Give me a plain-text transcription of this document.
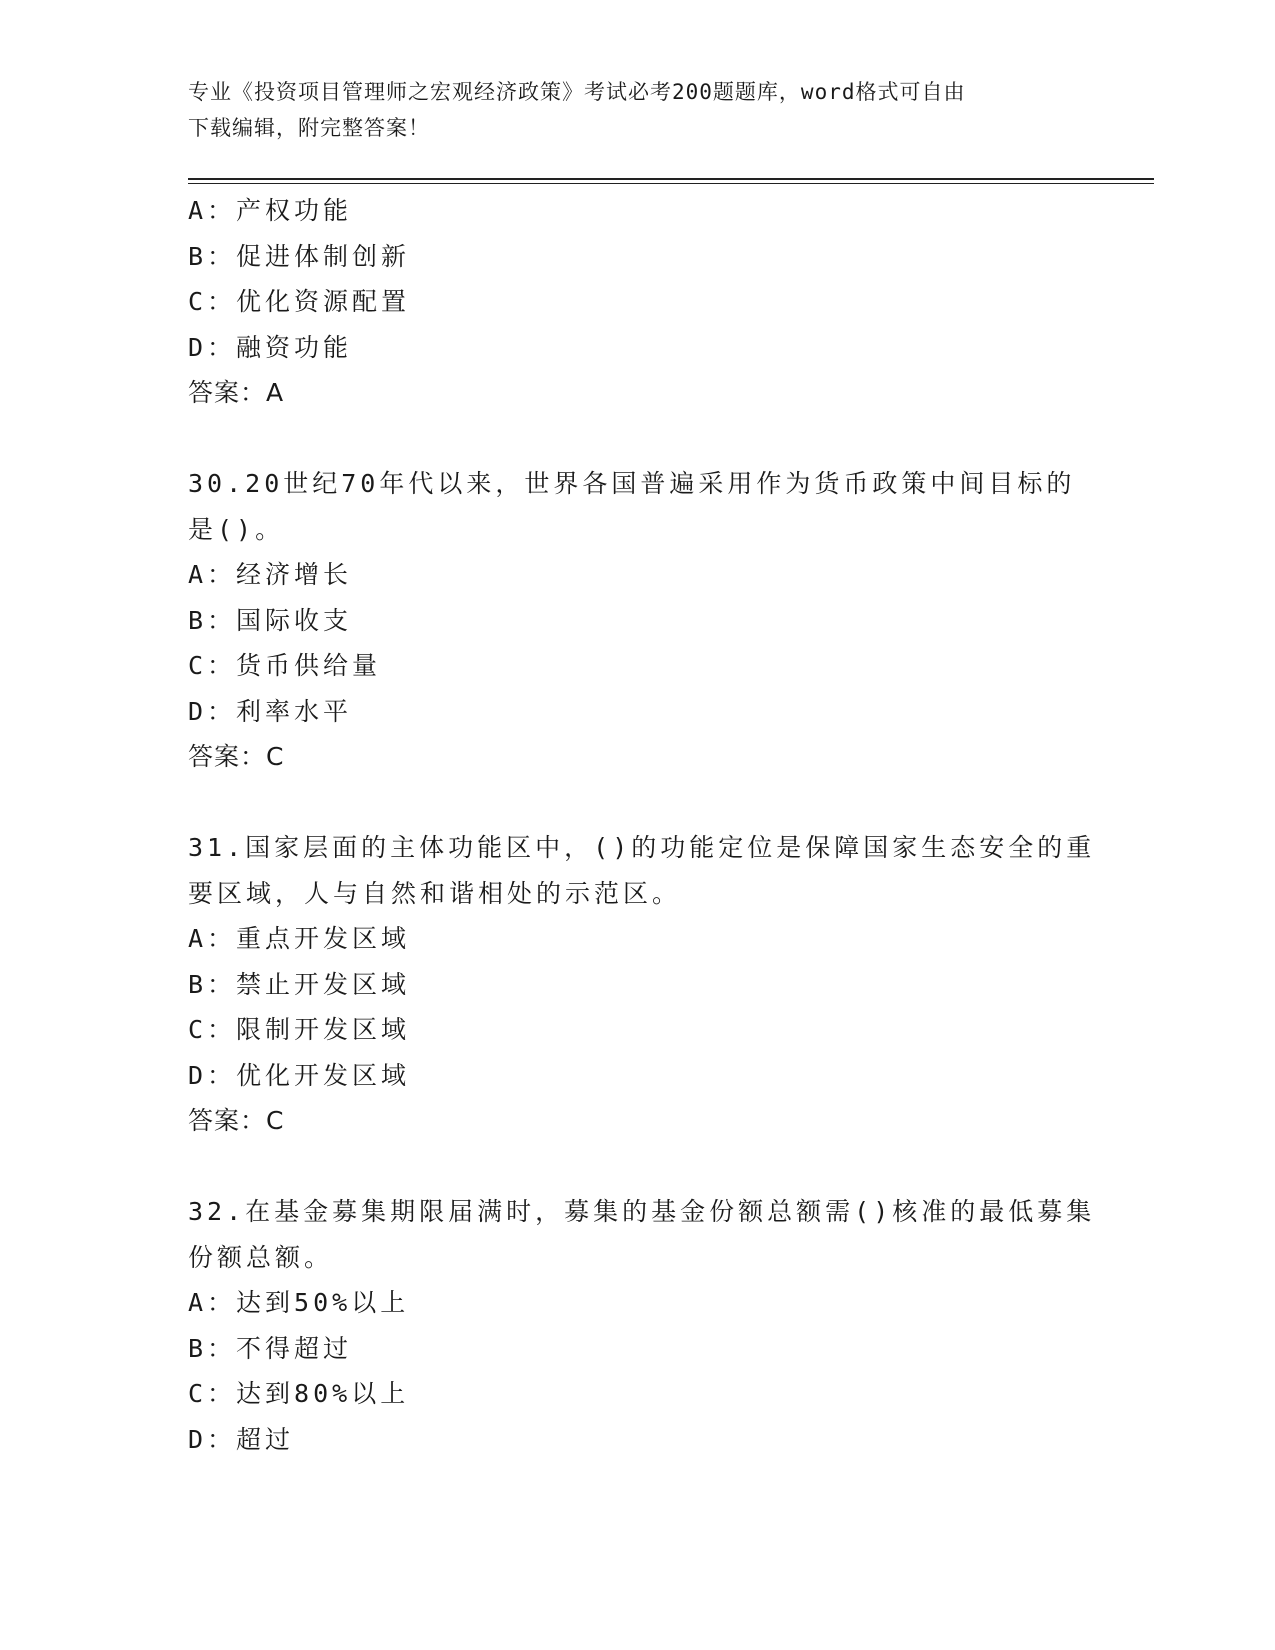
专业《投资项目管理师之宏观经济政策》考试必考200题题库，word格式可自由
下载编辑，附完整答案！
A：产权功能
B：促进体制创新
C：优化资源配置
D：融资功能
答案：A
30.20世纪70年代以来，世界各国普遍采用作为货币政策中间目标的
是()。
A：经济增长
B：国际收支
C：货币供给量
D：利率水平
答案：C
31.国家层面的主体功能区中，()的功能定位是保障国家生态安全的重
要区域，人与自然和谐相处的示范区。
A：重点开发区域
B：禁止开发区域
C：限制开发区域
D：优化开发区域
答案：C
32.在基金募集期限届满时，募集的基金份额总额需()核准的最低募集
份额总额。
A：达到50%以上
B：不得超过
C：达到80%以上
D：超过
